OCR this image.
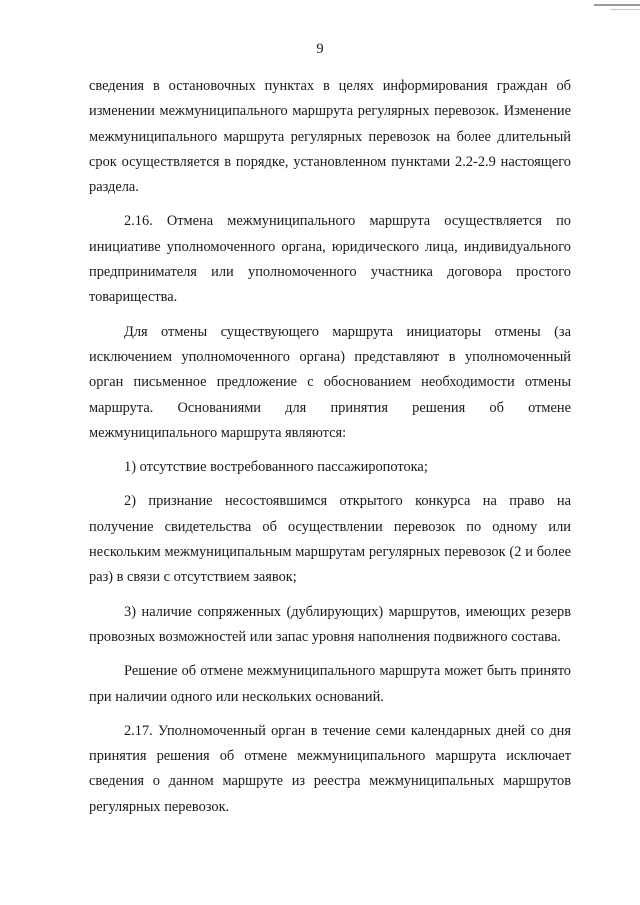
9

сведения в остановочных пунктах в целях информирования граждан об изменении межмуниципального маршрута регулярных перевозок. Изменение межмуниципального маршрута регулярных перевозок на более длительный срок осуществляется в порядке, установленном пунктами 2.2-2.9 настоящего раздела.

2.16. Отмена межмуниципального маршрута осуществляется по инициативе уполномоченного органа, юридического лица, индивидуального предпринимателя или уполномоченного участника договора простого товарищества.

Для отмены существующего маршрута инициаторы отмены (за исключением уполномоченного органа) представляют в уполномоченный орган письменное предложение с обоснованием необходимости отмены маршрута. Основаниями для принятия решения об отмене межмуниципального маршрута являются:

1) отсутствие востребованного пассажиропотока;

2) признание несостоявшимся открытого конкурса на право на получение свидетельства об осуществлении перевозок по одному или нескольким межмуниципальным маршрутам регулярных перевозок (2 и более раз) в связи с отсутствием заявок;

3) наличие сопряженных (дублирующих) маршрутов, имеющих резерв провозных возможностей или запас уровня наполнения подвижного состава.

Решение об отмене межмуниципального маршрута может быть принято при наличии одного или нескольких оснований.

2.17. Уполномоченный орган в течение семи календарных дней со дня принятия решения об отмене межмуниципального маршрута исключает сведения о данном маршруте из реестра межмуниципальных маршрутов регулярных перевозок.
